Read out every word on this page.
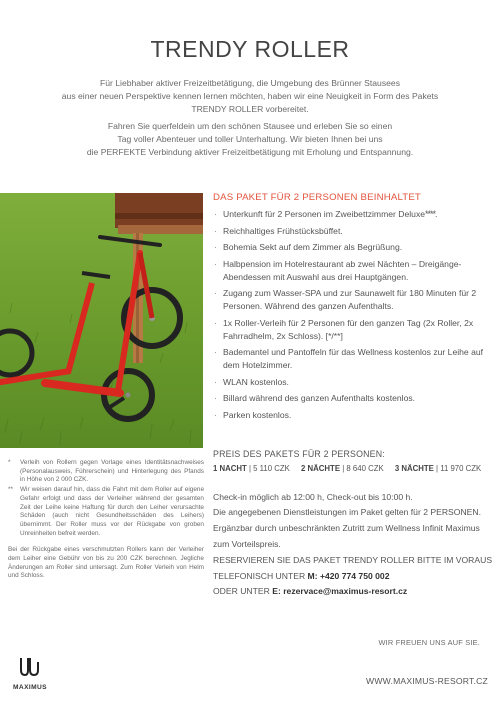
TRENDY ROLLER

Für Liebhaber aktiver Freizeitbetätigung, die Umgebung des Brünner Stausees

aus einer neuen Perspektive kennen lernen möchten, haben wir eine Neuigkeit in Form des Pakets

TRENDY ROLLER vorbereitet.

Fahren Sie querfeldein um den schönen Stausee und erleben Sie so einen

Tag voller Abenteuer und toller Unterhaltung. Wir bieten Ihnen bei uns

die PERFEKTE Verbindung aktiver Freizeitbetätigung mit Erholung und Entspannung.

* Verleih von Rollern gegen Vorlage eines Identitätsnachweises (Personalausweis, Führerschein) und Hinterlegung des Pfands in Höhe von 2 000 CZK.
** Wir weisen darauf hin, dass die Fahrt mit dem Roller auf eigene Gefahr erfolgt und dass der Verleiher während der gesamten Zeit der Leihe keine Haftung für durch den Leiher verursachte Schäden (auch nicht Gesundheitsschäden des Leihers) übernimmt. Der Roller muss vor der Rückgabe von groben Unreinheiten befreit werden.
Bei der Rückgabe eines verschmutzten Rollers kann der Verleiher dem Leiher eine Gebühr von bis zu 200 CZK berechnen. Jegliche Änderungen am Roller sind untersagt. Zum Roller Verleih von Helm und Schloss.
DAS PAKET FÜR 2 PERSONEN BEINHALTET
· Unterkunft für 2 Personen im Zweibettzimmer Deluxe****.
· Reichhaltiges Frühstücksbüffet.
· Bohemia Sekt auf dem Zimmer als Begrüßung.
· Halbpension im Hotelrestaurant ab zwei Nächten – Dreigänge-Abendessen mit Auswahl aus drei Hauptgängen.
· Zugang zum Wasser-SPA und zur Saunawelt für 180 Minuten für 2 Personen. Während des ganzen Aufenthalts.
· 1x Roller-Verleih für 2 Personen für den ganzen Tag (2x Roller, 2x Fahrradhelm, 2x Schloss). [*/**]
· Bademantel und Pantoffeln für das Wellness kostenlos zur Leihe auf dem Hotelzimmer.
· WLAN kostenlos.
· Billard während des ganzen Aufenthalts kostenlos.
· Parken kostenlos.
PREIS DES PAKETS FÜR 2 PERSONEN:
1 NACHT | 5 110 CZK 2 NÄCHTE | 8 640 CZK 3 NÄCHTE | 11 970 CZK

Check-in möglich ab 12:00 h, Check-out bis 10:00 h.

Die angegebenen Dienstleistungen im Paket gelten für 2 PERSONEN.

Ergänzbar durch unbeschränkten Zutritt zum Wellness Infinit Maximus

zum Vorteilspreis.

RESERVIEREN SIE DAS PAKET TRENDY ROLLER BITTE IM VORAUS

TELEFONISCH UNTER M: +420 774 750 002

ODER UNTER E: rezervace@maximus-resort.cz

WIR FREUEN UNS AUF SIE.
MAXIMUS
WWW.MAXIMUS-RESORT.CZ
